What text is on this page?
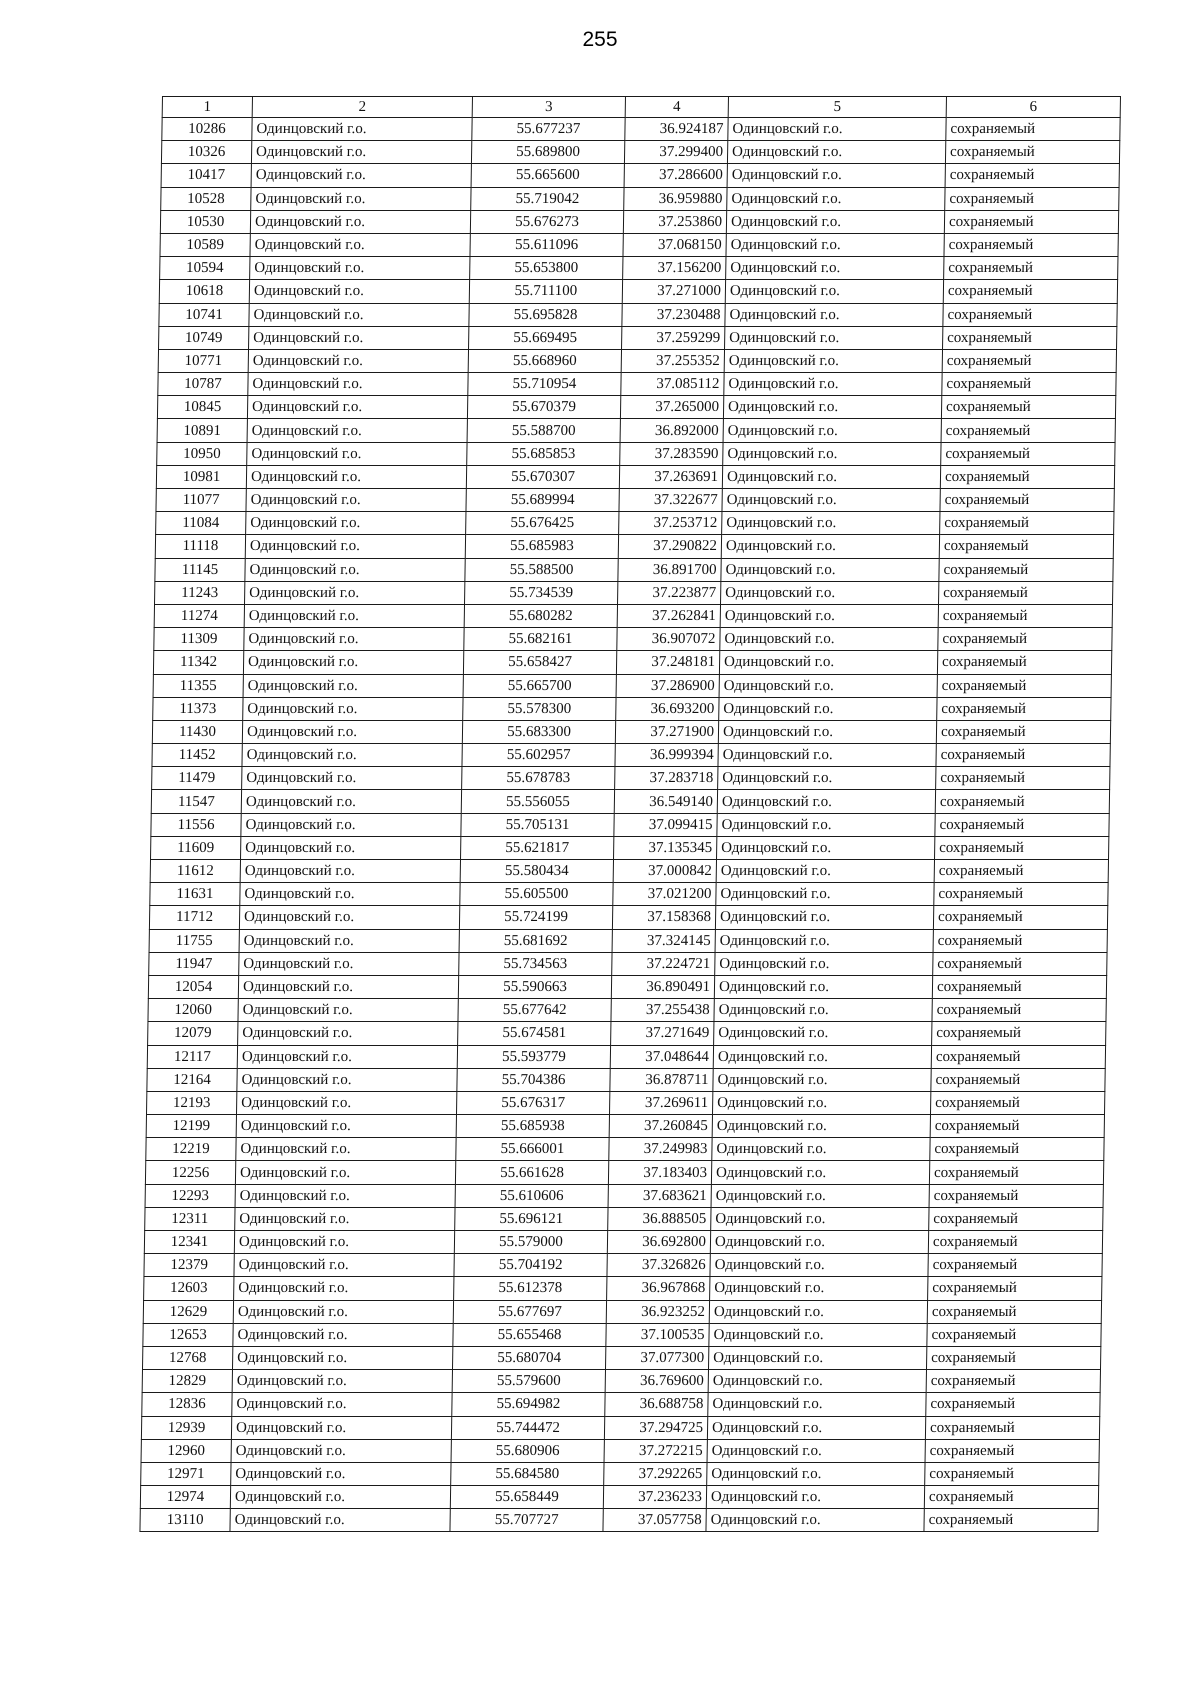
255
1	2	3	4	5	6
10286	Одинцовский г.о.	55.677237	36.924187	Одинцовский г.о.	сохраняемый
10326	Одинцовский г.о.	55.689800	37.299400	Одинцовский г.о.	сохраняемый
10417	Одинцовский г.о.	55.665600	37.286600	Одинцовский г.о.	сохраняемый
10528	Одинцовский г.о.	55.719042	36.959880	Одинцовский г.о.	сохраняемый
10530	Одинцовский г.о.	55.676273	37.253860	Одинцовский г.о.	сохраняемый
10589	Одинцовский г.о.	55.611096	37.068150	Одинцовский г.о.	сохраняемый
10594	Одинцовский г.о.	55.653800	37.156200	Одинцовский г.о.	сохраняемый
10618	Одинцовский г.о.	55.711100	37.271000	Одинцовский г.о.	сохраняемый
10741	Одинцовский г.о.	55.695828	37.230488	Одинцовский г.о.	сохраняемый
10749	Одинцовский г.о.	55.669495	37.259299	Одинцовский г.о.	сохраняемый
10771	Одинцовский г.о.	55.668960	37.255352	Одинцовский г.о.	сохраняемый
10787	Одинцовский г.о.	55.710954	37.085112	Одинцовский г.о.	сохраняемый
10845	Одинцовский г.о.	55.670379	37.265000	Одинцовский г.о.	сохраняемый
10891	Одинцовский г.о.	55.588700	36.892000	Одинцовский г.о.	сохраняемый
10950	Одинцовский г.о.	55.685853	37.283590	Одинцовский г.о.	сохраняемый
10981	Одинцовский г.о.	55.670307	37.263691	Одинцовский г.о.	сохраняемый
11077	Одинцовский г.о.	55.689994	37.322677	Одинцовский г.о.	сохраняемый
11084	Одинцовский г.о.	55.676425	37.253712	Одинцовский г.о.	сохраняемый
11118	Одинцовский г.о.	55.685983	37.290822	Одинцовский г.о.	сохраняемый
11145	Одинцовский г.о.	55.588500	36.891700	Одинцовский г.о.	сохраняемый
11243	Одинцовский г.о.	55.734539	37.223877	Одинцовский г.о.	сохраняемый
11274	Одинцовский г.о.	55.680282	37.262841	Одинцовский г.о.	сохраняемый
11309	Одинцовский г.о.	55.682161	36.907072	Одинцовский г.о.	сохраняемый
11342	Одинцовский г.о.	55.658427	37.248181	Одинцовский г.о.	сохраняемый
11355	Одинцовский г.о.	55.665700	37.286900	Одинцовский г.о.	сохраняемый
11373	Одинцовский г.о.	55.578300	36.693200	Одинцовский г.о.	сохраняемый
11430	Одинцовский г.о.	55.683300	37.271900	Одинцовский г.о.	сохраняемый
11452	Одинцовский г.о.	55.602957	36.999394	Одинцовский г.о.	сохраняемый
11479	Одинцовский г.о.	55.678783	37.283718	Одинцовский г.о.	сохраняемый
11547	Одинцовский г.о.	55.556055	36.549140	Одинцовский г.о.	сохраняемый
11556	Одинцовский г.о.	55.705131	37.099415	Одинцовский г.о.	сохраняемый
11609	Одинцовский г.о.	55.621817	37.135345	Одинцовский г.о.	сохраняемый
11612	Одинцовский г.о.	55.580434	37.000842	Одинцовский г.о.	сохраняемый
11631	Одинцовский г.о.	55.605500	37.021200	Одинцовский г.о.	сохраняемый
11712	Одинцовский г.о.	55.724199	37.158368	Одинцовский г.о.	сохраняемый
11755	Одинцовский г.о.	55.681692	37.324145	Одинцовский г.о.	сохраняемый
11947	Одинцовский г.о.	55.734563	37.224721	Одинцовский г.о.	сохраняемый
12054	Одинцовский г.о.	55.590663	36.890491	Одинцовский г.о.	сохраняемый
12060	Одинцовский г.о.	55.677642	37.255438	Одинцовский г.о.	сохраняемый
12079	Одинцовский г.о.	55.674581	37.271649	Одинцовский г.о.	сохраняемый
12117	Одинцовский г.о.	55.593779	37.048644	Одинцовский г.о.	сохраняемый
12164	Одинцовский г.о.	55.704386	36.878711	Одинцовский г.о.	сохраняемый
12193	Одинцовский г.о.	55.676317	37.269611	Одинцовский г.о.	сохраняемый
12199	Одинцовский г.о.	55.685938	37.260845	Одинцовский г.о.	сохраняемый
12219	Одинцовский г.о.	55.666001	37.249983	Одинцовский г.о.	сохраняемый
12256	Одинцовский г.о.	55.661628	37.183403	Одинцовский г.о.	сохраняемый
12293	Одинцовский г.о.	55.610606	37.683621	Одинцовский г.о.	сохраняемый
12311	Одинцовский г.о.	55.696121	36.888505	Одинцовский г.о.	сохраняемый
12341	Одинцовский г.о.	55.579000	36.692800	Одинцовский г.о.	сохраняемый
12379	Одинцовский г.о.	55.704192	37.326826	Одинцовский г.о.	сохраняемый
12603	Одинцовский г.о.	55.612378	36.967868	Одинцовский г.о.	сохраняемый
12629	Одинцовский г.о.	55.677697	36.923252	Одинцовский г.о.	сохраняемый
12653	Одинцовский г.о.	55.655468	37.100535	Одинцовский г.о.	сохраняемый
12768	Одинцовский г.о.	55.680704	37.077300	Одинцовский г.о.	сохраняемый
12829	Одинцовский г.о.	55.579600	36.769600	Одинцовский г.о.	сохраняемый
12836	Одинцовский г.о.	55.694982	36.688758	Одинцовский г.о.	сохраняемый
12939	Одинцовский г.о.	55.744472	37.294725	Одинцовский г.о.	сохраняемый
12960	Одинцовский г.о.	55.680906	37.272215	Одинцовский г.о.	сохраняемый
12971	Одинцовский г.о.	55.684580	37.292265	Одинцовский г.о.	сохраняемый
12974	Одинцовский г.о.	55.658449	37.236233	Одинцовский г.о.	сохраняемый
13110	Одинцовский г.о.	55.707727	37.057758	Одинцовский г.о.	сохраняемый
